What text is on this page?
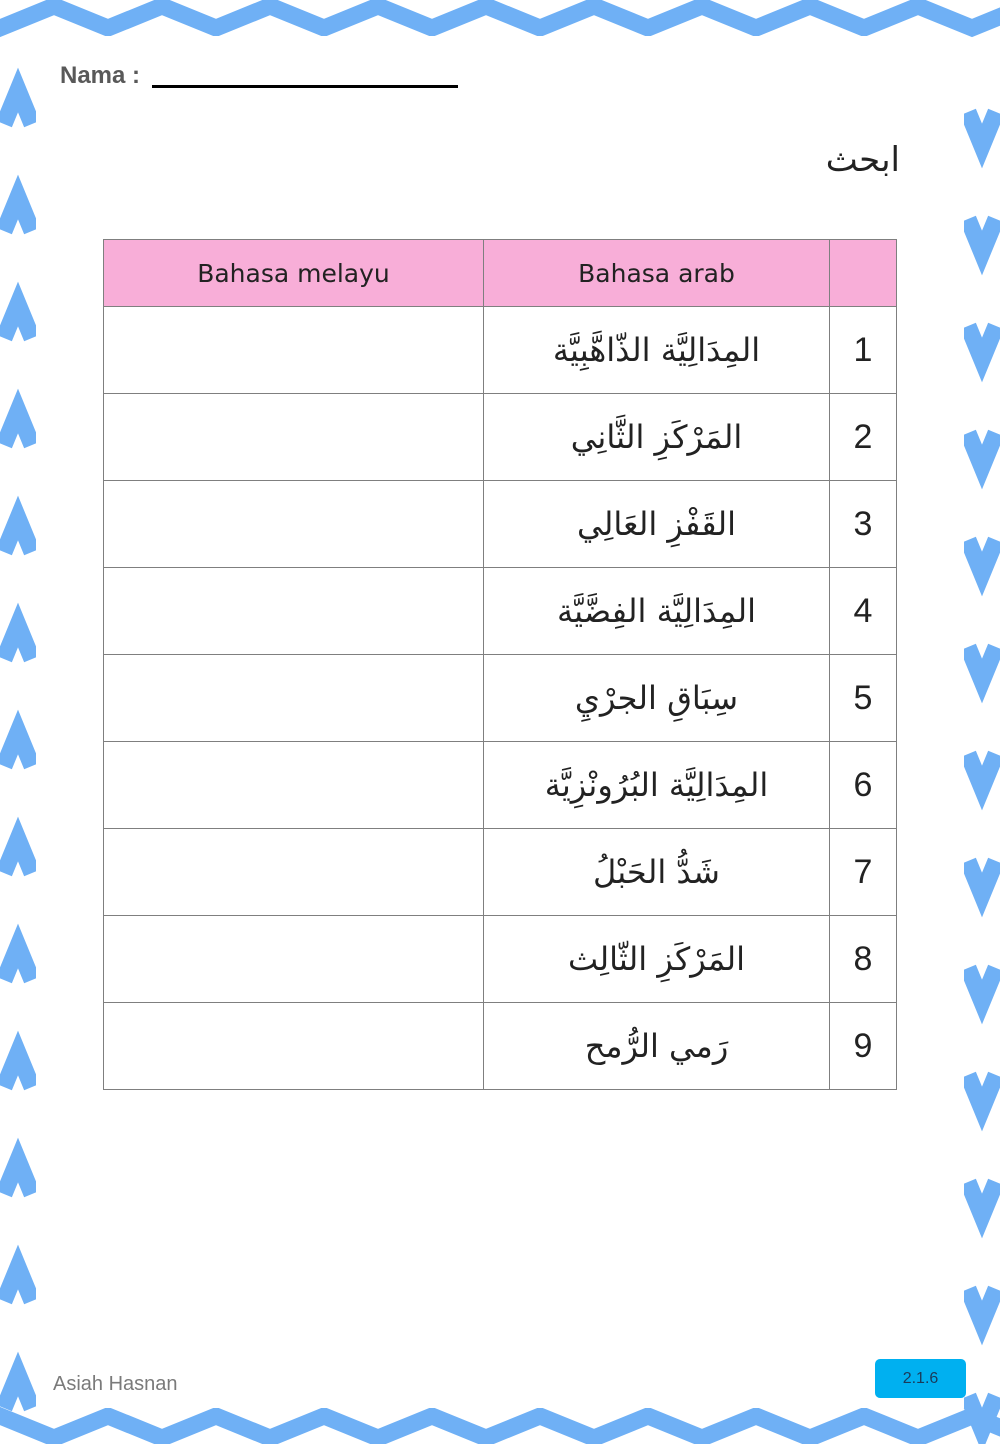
Nama :
ابحث
Bahasa melayu	Bahasa arab	
	المِدَالِيَّة الذّاهَّبِيَّة	1
	المَرْكَزِ الثَّانِي	2
	القَفْزِ العَالِي	3
	المِدَالِيَّة الفِضَّيَّة	4
	سِبَاقِ الجرْيِ	5
	المِدَالِيَّة البُرُونْزِيَّة	6
	شَدُّ الحَبْلُ	7
	المَرْكَزِ الثّالِث	8
	رَمي الرُّمح	9
Asiah Hasnan	2.1.6
